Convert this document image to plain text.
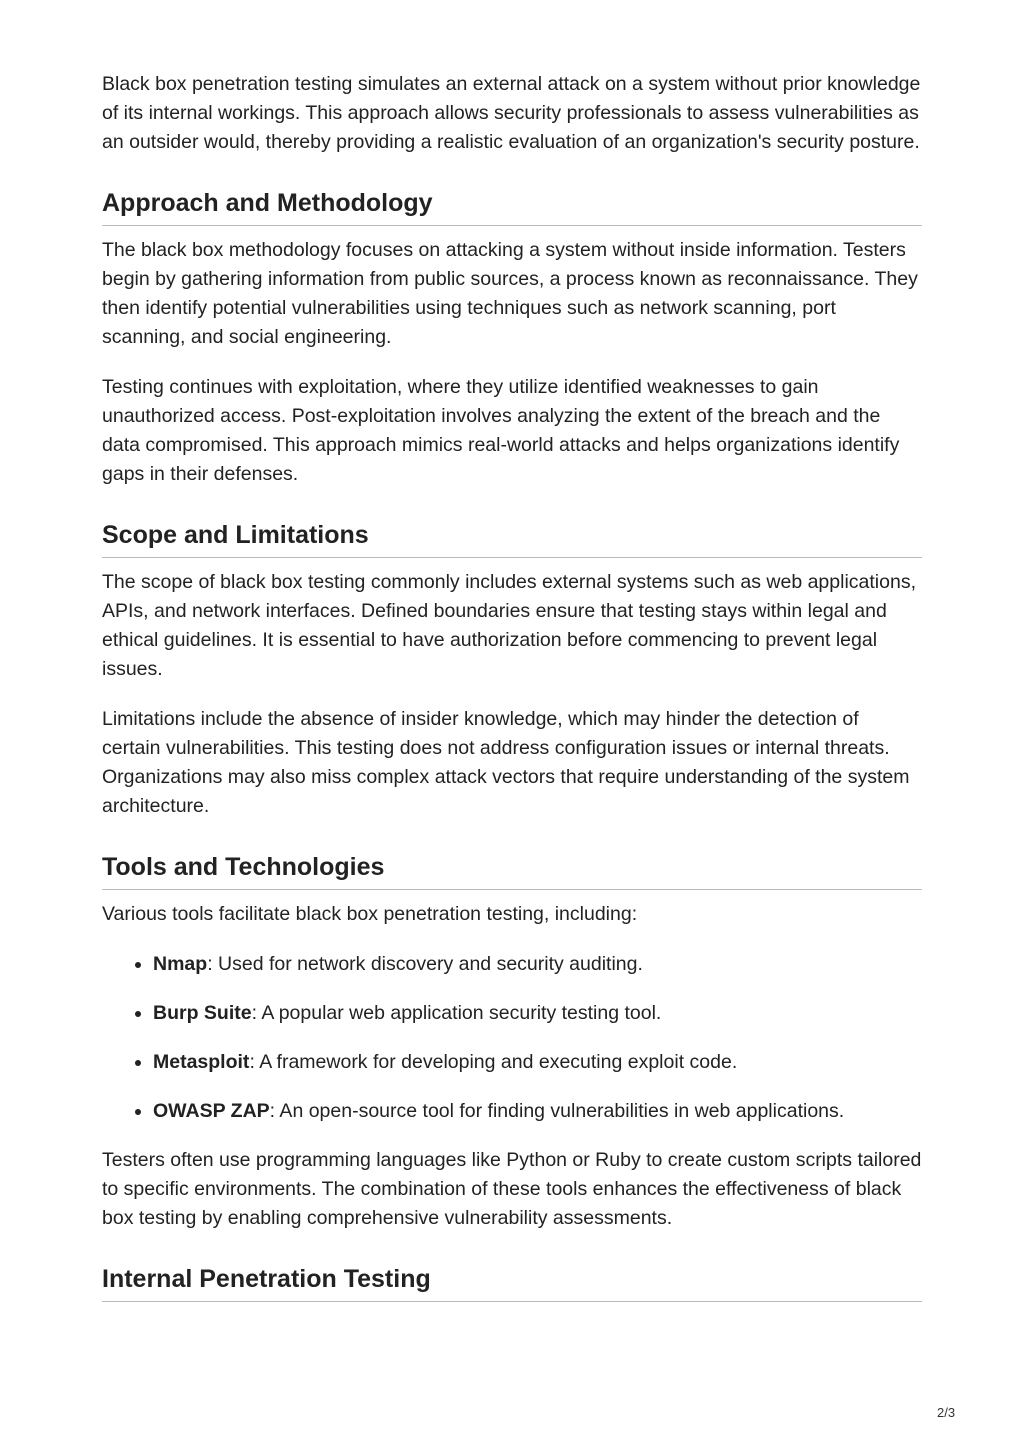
Black box penetration testing simulates an external attack on a system without prior knowledge of its internal workings. This approach allows security professionals to assess vulnerabilities as an outsider would, thereby providing a realistic evaluation of an organization's security posture.

Approach and Methodology

The black box methodology focuses on attacking a system without inside information. Testers begin by gathering information from public sources, a process known as reconnaissance. They then identify potential vulnerabilities using techniques such as network scanning, port scanning, and social engineering.

Testing continues with exploitation, where they utilize identified weaknesses to gain unauthorized access. Post-exploitation involves analyzing the extent of the breach and the data compromised. This approach mimics real-world attacks and helps organizations identify gaps in their defenses.

Scope and Limitations

The scope of black box testing commonly includes external systems such as web applications, APIs, and network interfaces. Defined boundaries ensure that testing stays within legal and ethical guidelines. It is essential to have authorization before commencing to prevent legal issues.

Limitations include the absence of insider knowledge, which may hinder the detection of certain vulnerabilities. This testing does not address configuration issues or internal threats. Organizations may also miss complex attack vectors that require understanding of the system architecture.

Tools and Technologies

Various tools facilitate black box penetration testing, including:

• Nmap: Used for network discovery and security auditing.
• Burp Suite: A popular web application security testing tool.
• Metasploit: A framework for developing and executing exploit code.
• OWASP ZAP: An open-source tool for finding vulnerabilities in web applications.

Testers often use programming languages like Python or Ruby to create custom scripts tailored to specific environments. The combination of these tools enhances the effectiveness of black box testing by enabling comprehensive vulnerability assessments.

Internal Penetration Testing
2/3
